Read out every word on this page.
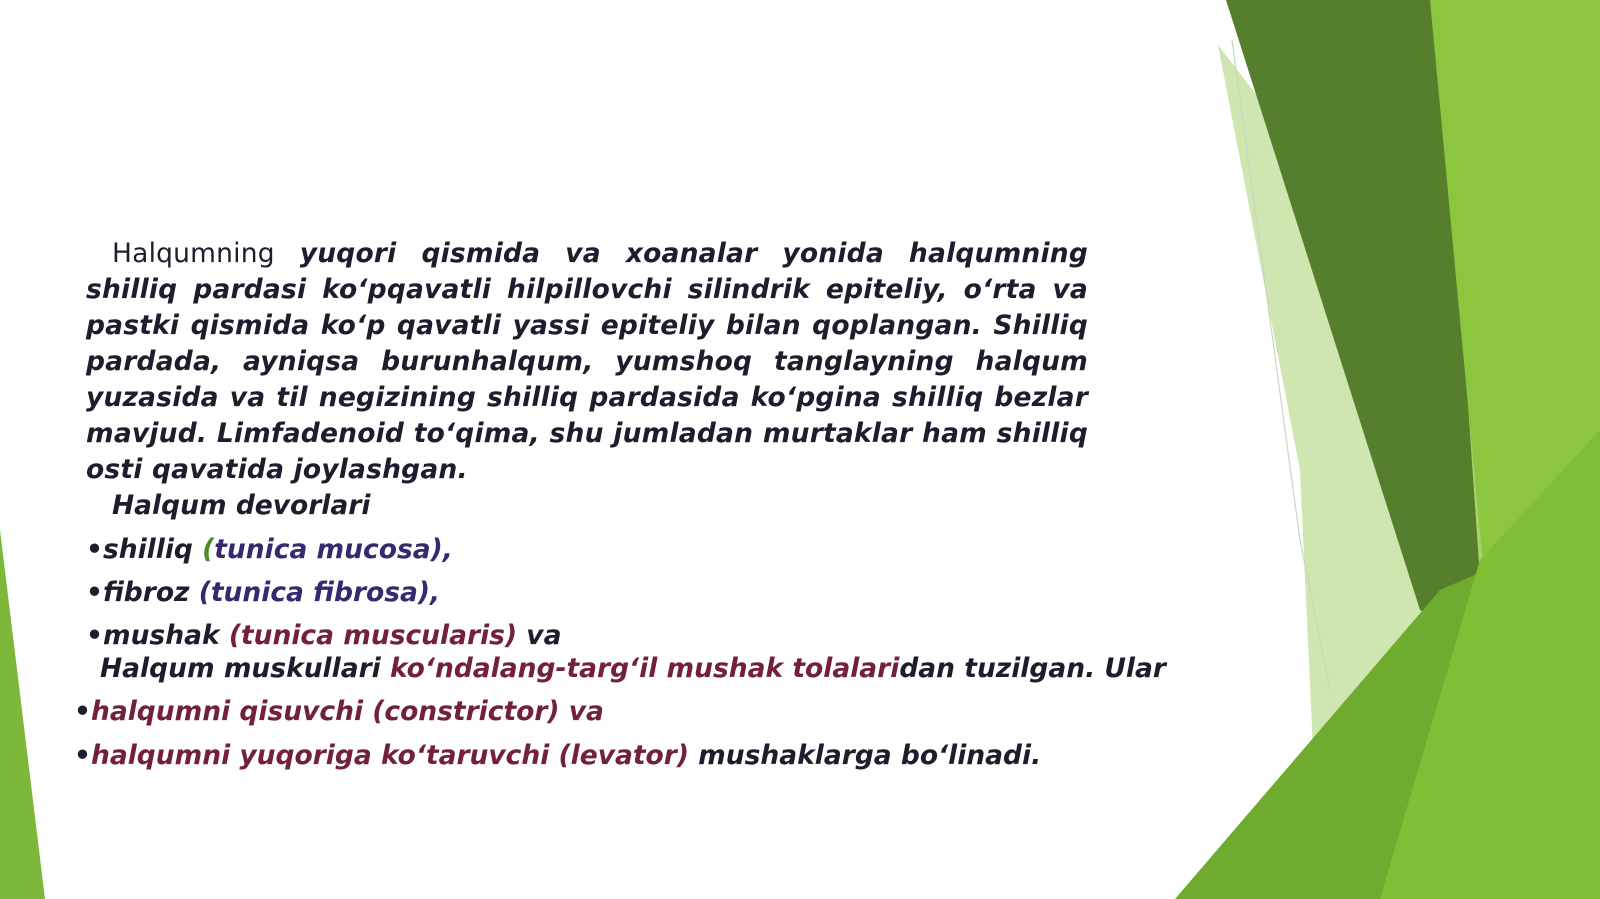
Halqumning yuqori qismida va xoanalar yonida halqumning shilliq pardasi ko‘pqavatli hilpillovchi silindrik epiteliy, o‘rta va pastki qismida ko‘p qavatli yassi epiteliy bilan qoplangan. Shilliq pardada, ayniqsa burunhalqum, yumshoq tanglayning halqum yuzasida va til negizining shilliq pardasida ko‘pgina shilliq bezlar mavjud. Limfadenoid to‘qima, shu jumladan murtaklar ham shilliq osti qavatida joylashgan.

Halqum devorlari

•shilliq (tunica mucosa),

•fibroz (tunica fibrosa),

•mushak (tunica muscularis) va

Halqum muskullari ko‘ndalang-targ‘il mushak tolalaridan tuzilgan. Ular

•halqumni qisuvchi (constrictor) va

•halqumni yuqoriga ko‘taruvchi (levator) mushaklarga bo‘linadi.
